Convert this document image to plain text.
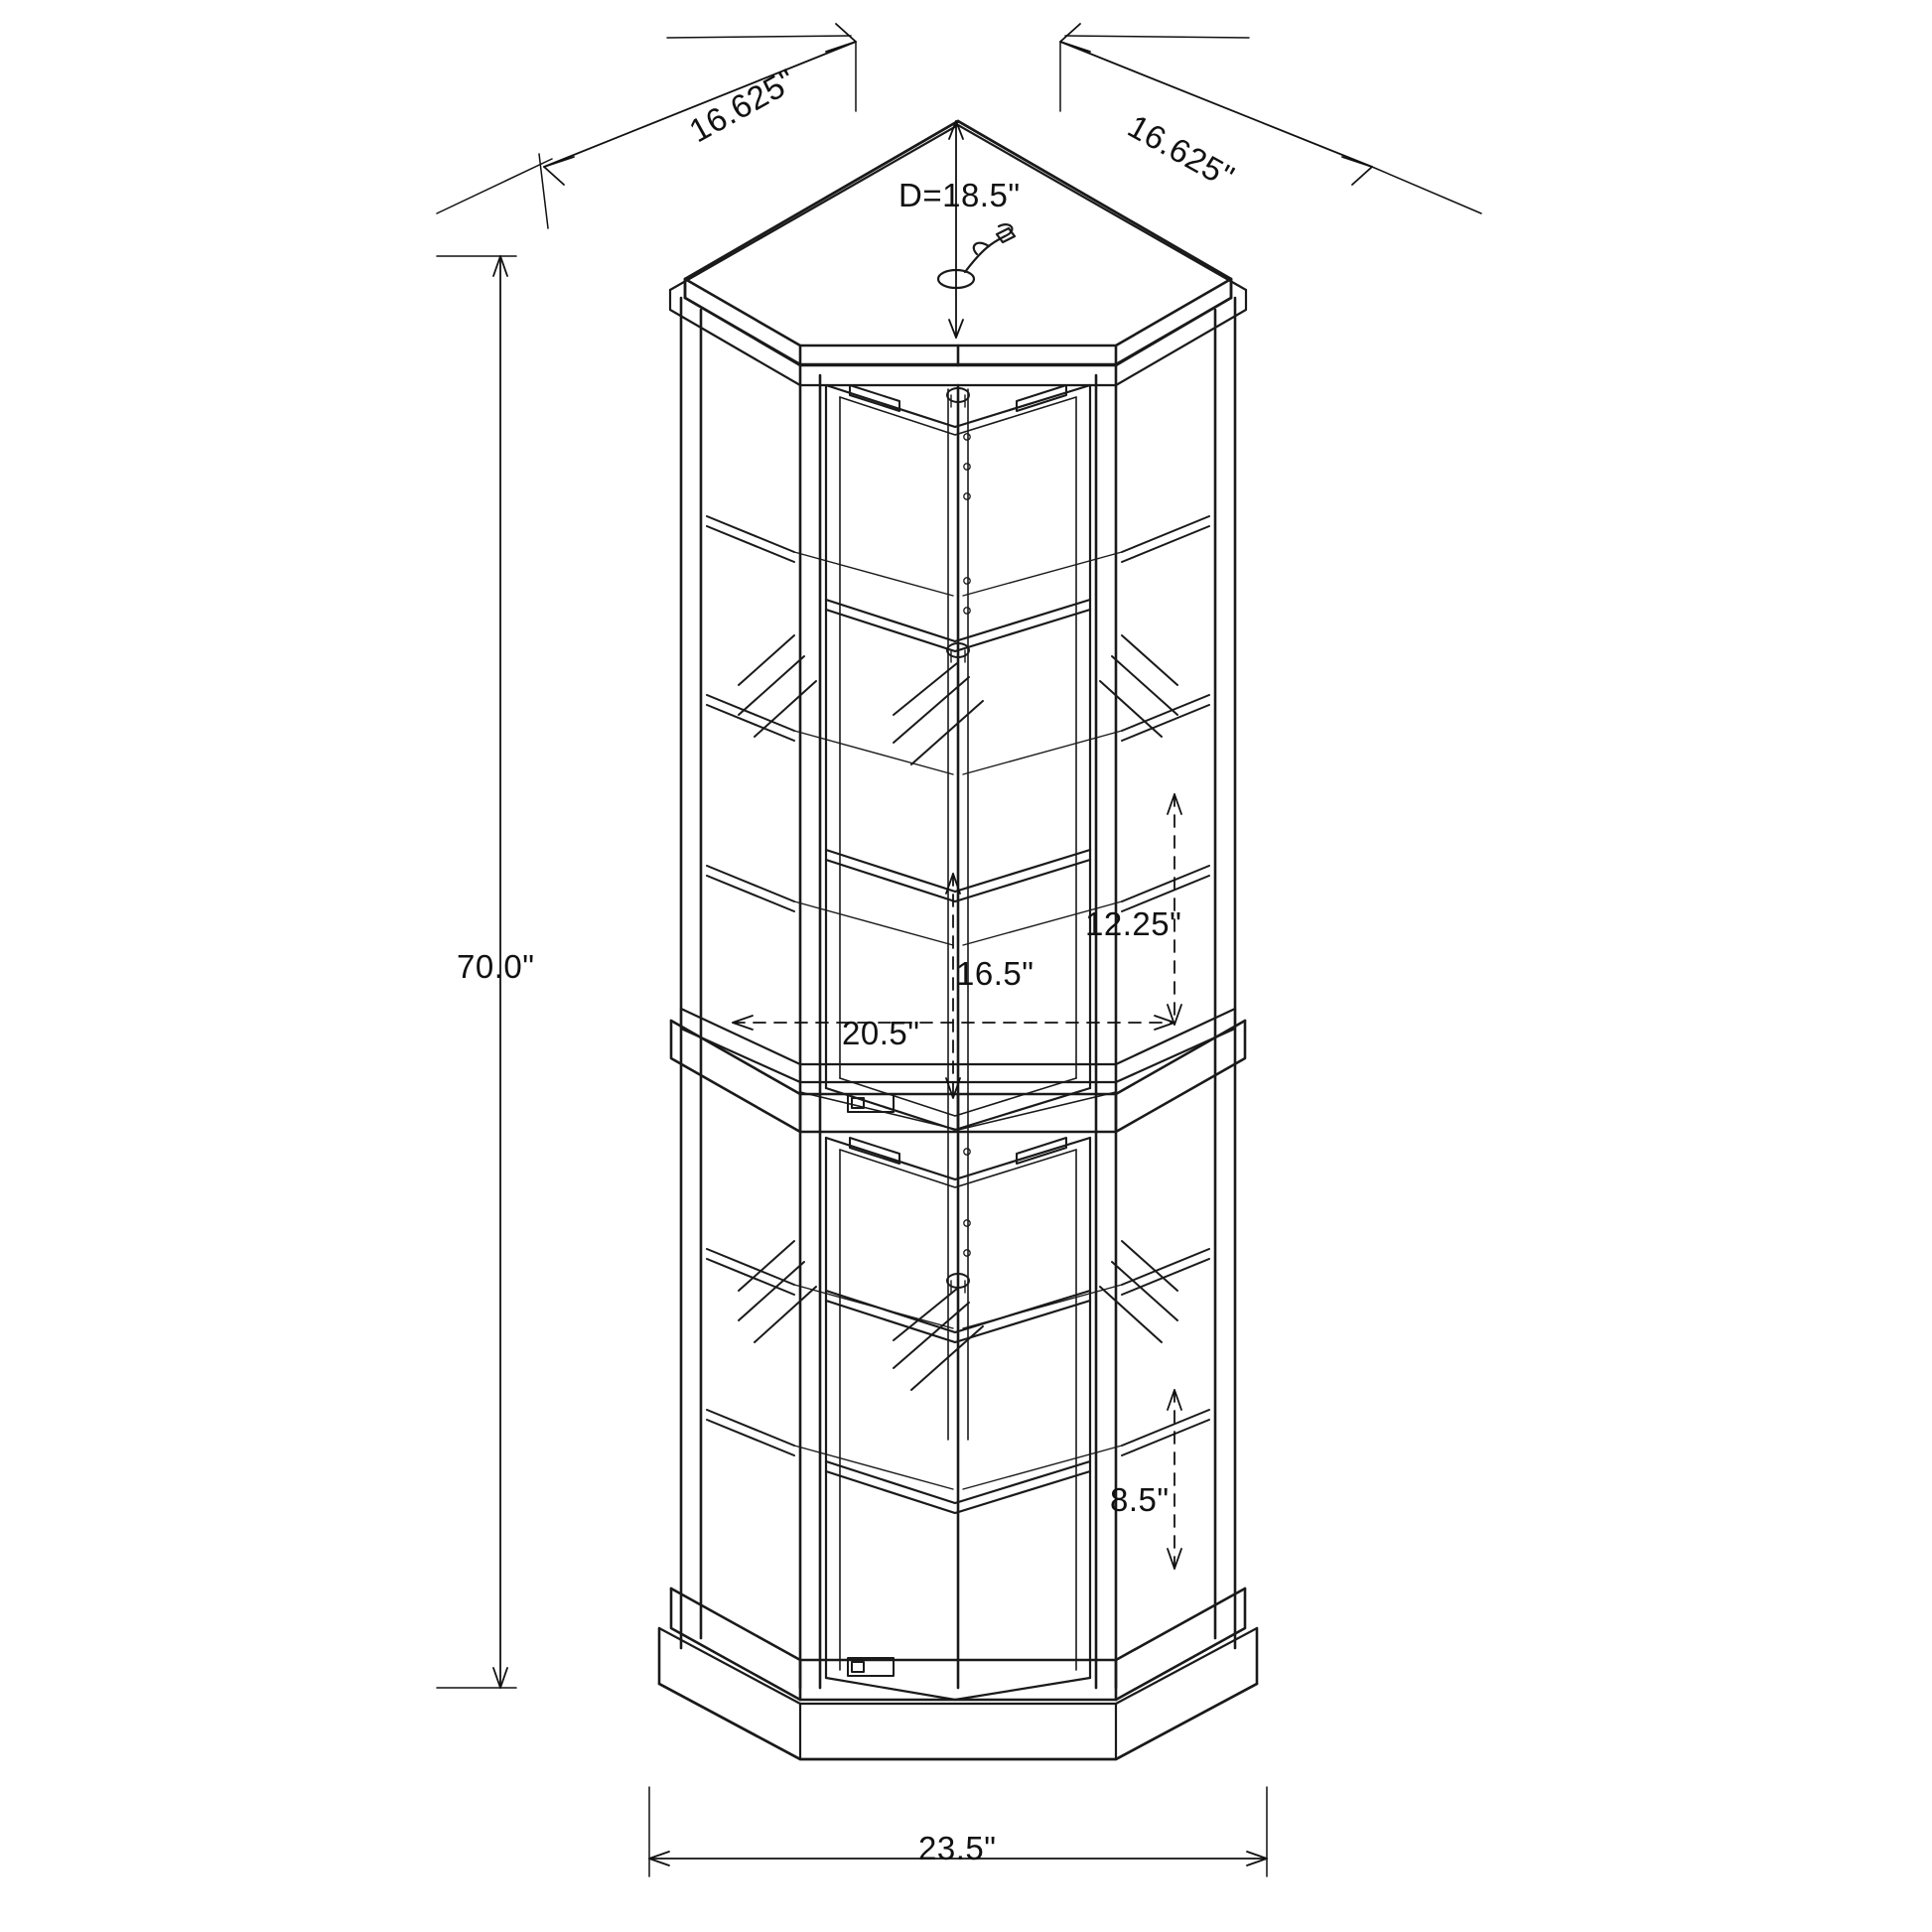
16.625"
16.625"
D=18.5"
70.0"
12.25"
16.5"
20.5"
8.5"
23.5"
